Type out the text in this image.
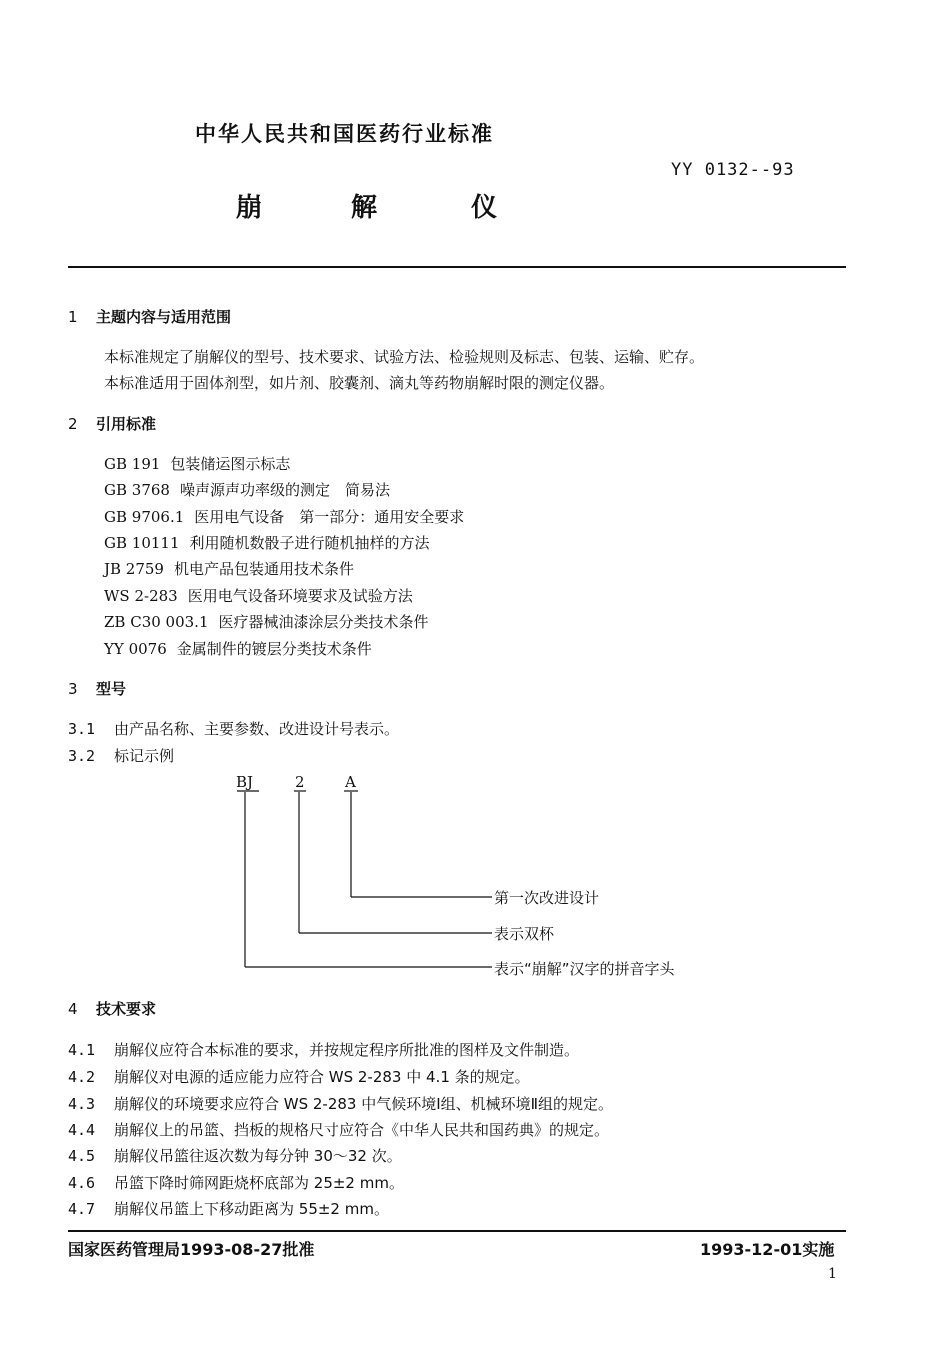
中华人民共和国医药行业标准
YY 0132--93
崩	解	仪
1 主题内容与适用范围
本标准规定了崩解仪的型号、技术要求、试验方法、检验规则及标志、包装、运输、贮存。
本标准适用于固体剂型，如片剂、胶囊剂、滴丸等药物崩解时限的测定仪器。
2 引用标准
GB 191 包装储运图示标志
GB 3768 噪声源声功率级的测定　简易法
GB 9706.1 医用电气设备　第一部分：通用安全要求
GB 10111 利用随机数骰子进行随机抽样的方法
JB 2759 机电产品包装通用技术条件
WS 2-283 医用电气设备环境要求及试验方法
ZB C30 003.1 医疗器械油漆涂层分类技术条件
YY 0076 金属制件的镀层分类技术条件
3 型号
3.1 由产品名称、主要参数、改进设计号表示。
3.2 标记示例
BJ	2	A
第一次改进设计
表示双杯
表示“崩解”汉字的拼音字头
4 技术要求
4.1 崩解仪应符合本标准的要求，并按规定程序所批准的图样及文件制造。
4.2 崩解仪对电源的适应能力应符合 WS 2-283 中 4.1 条的规定。
4.3 崩解仪的环境要求应符合 WS 2-283 中气候环境Ⅰ组、机械环境Ⅱ组的规定。
4.4 崩解仪上的吊篮、挡板的规格尺寸应符合《中华人民共和国药典》的规定。
4.5 崩解仪吊篮往返次数为每分钟 30～32 次。
4.6 吊篮下降时筛网距烧杯底部为 25±2 mm。
4.7 崩解仪吊篮上下移动距离为 55±2 mm。
国家医药管理局1993-08-27批准	1993-12-01实施
1
